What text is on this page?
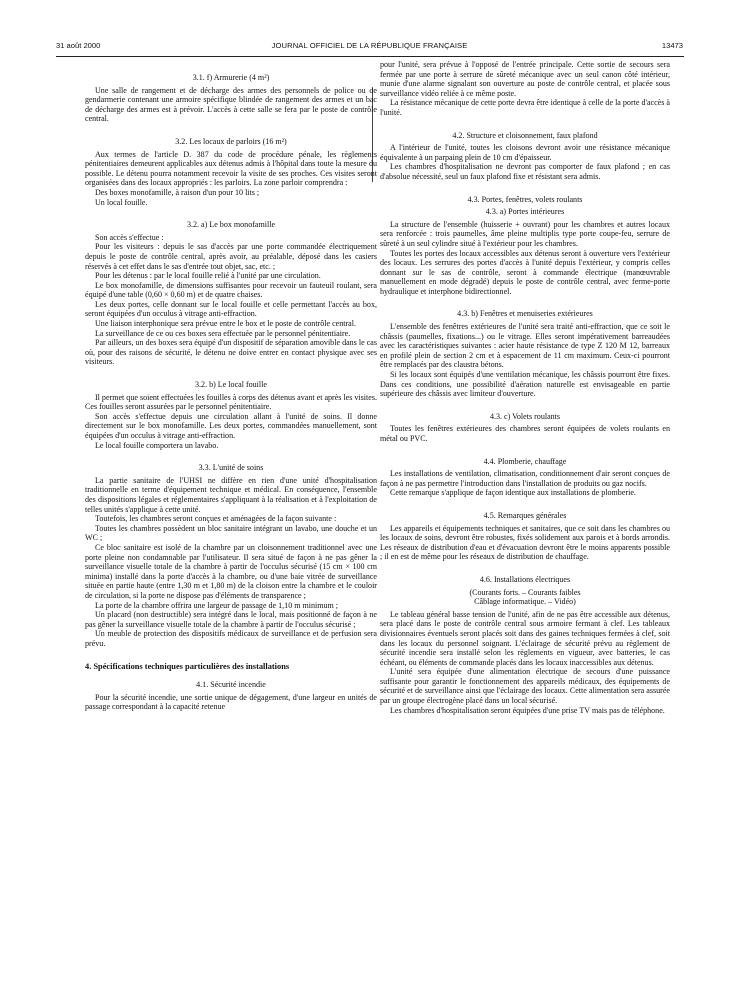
31 août 2000	JOURNAL OFFICIEL DE LA RÉPUBLIQUE FRANÇAISE	13473
3.1. f) Armurerie (4 m²)
Une salle de rangement et de décharge des armes des personnels de police ou de gendarmerie contenant une armoire spécifique blindée de rangement des armes et un bac de décharge des armes est à prévoir. L'accès à cette salle se fera par le poste de contrôle central.
3.2. Les locaux de parloirs (16 m²)
Aux termes de l'article D. 387 du code de procédure pénale, les règlements pénitentiaires demeurent applicables aux détenus admis à l'hôpital dans toute la mesure du possible. Le détenu pourra notamment recevoir la visite de ses proches. Ces visites seront organisées dans des locaux appropriés : les parloirs. La zone parloir comprendra :
Des boxes monofamille, à raison d'un pour 10 lits ;
Un local fouille.
3.2. a) Le box monofamille
Son accès s'effectue :
Pour les visiteurs : depuis le sas d'accès par une porte commandée électriquement depuis le poste de contrôle central, après avoir, au préalable, déposé dans les casiers réservés à cet effet dans le sas d'entrée tout objet, sac, etc. ;
Pour les détenus : par le local fouille relié à l'unité par une circulation.
Le box monofamille, de dimensions suffisantes pour recevoir un fauteuil roulant, sera équipé d'une table (0,60 × 0,60 m) et de quatre chaises.
Les deux portes, celle donnant sur le local fouille et celle permettant l'accès au box, seront équipées d'un occulus à vitrage anti-effraction.
Une liaison interphonique sera prévue entre le box et le poste de contrôle central.
La surveillance de ce ou ces boxes sera effectuée par le personnel pénitentiaire.
Par ailleurs, un des boxes sera équipé d'un dispositif de séparation amovible dans le cas où, pour des raisons de sécurité, le détenu ne doive entrer en contact physique avec ses visiteurs.
3.2. b) Le local fouille
Il permet que soient effectuées les fouilles à corps des détenus avant et après les visites. Ces fouilles seront assurées par le personnel pénitentiaire.
Son accès s'effectue depuis une circulation allant à l'unité de soins. Il donne directement sur le box monofamille. Les deux portes, commandées manuellement, sont équipées d'un occulus à vitrage anti-effraction.
Le local fouille comportera un lavabo.
3.3. L'unité de soins
La partie sanitaire de l'UHSI ne diffère en rien d'une unité d'hospitalisation traditionnelle en terme d'équipement technique et médical. En conséquence, l'ensemble des dispositions légales et réglementaires s'appliquant à la réalisation et à l'exploitation de telles unités s'applique à cette unité.
Toutefois, les chambres seront conçues et aménagées de la façon suivante :
Toutes les chambres possèdent un bloc sanitaire intégrant un lavabo, une douche et un WC ;
Ce bloc sanitaire est isolé de la chambre par un cloisonnement traditionnel avec une porte pleine non condamnable par l'utilisateur. Il sera situé de façon à ne pas gêner la surveillance visuelle totale de la chambre à partir de l'occulus sécurisé (15 cm × 100 cm minima) installé dans la porte d'accès à la chambre, ou d'une baie vitrée de surveillance située en partie haute (entre 1,30 m et 1,80 m) de la cloison entre la chambre et le couloir de circulation, si la porte ne dispose pas d'éléments de transparence ;
La porte de la chambre offrira une largeur de passage de 1,10 m minimum ;
Un placard (non destructible) sera intégré dans le local, mais positionné de façon à ne pas gêner la surveillance visuelle totale de la chambre à partir de l'occulus sécurisé ;
Un meuble de protection des dispositifs médicaux de surveillance et de perfusion sera prévu.
4. Spécifications techniques particulières des installations
4.1. Sécurité incendie
Pour la sécurité incendie, une sortie unique de dégagement, d'une largeur en unités de passage correspondant à la capacité retenue
pour l'unité, sera prévue à l'opposé de l'entrée principale. Cette sortie de secours sera fermée par une porte à serrure de sûreté mécanique avec un seul canon côté intérieur, munie d'une alarme signalant son ouverture au poste de contrôle central, et placée sous surveillance vidéo reliée à ce même poste.
La résistance mécanique de cette porte devra être identique à celle de la porte d'accès à l'unité.
4.2. Structure et cloisonnement, faux plafond
A l'intérieur de l'unité, toutes les cloisons devront avoir une résistance mécanique équivalente à un parpaing plein de 10 cm d'épaisseur.
Les chambres d'hospitalisation ne devront pas comporter de faux plafond ; en cas d'absolue nécessité, seul un faux plafond fixe et résistant sera admis.
4.3. Portes, fenêtres, volets roulants
4.3. a) Portes intérieures
La structure de l'ensemble (huisserie + ouvrant) pour les chambres et autres locaux sera renforcée : trois paumelles, âme pleine multiplis type porte coupe-feu, serrure de sûreté à un seul cylindre situé à l'extérieur pour les chambres.
Toutes les portes des locaux accessibles aux détenus seront à ouverture vers l'extérieur des locaux. Les serrures des portes d'accès à l'unité depuis l'extérieur, y compris celles donnant sur le sas de contrôle, seront à commande électrique (manœuvrable manuellement en mode dégradé) depuis le poste de contrôle central, avec ferme-porte hydraulique et interphone bidirectionnel.
4.3. b) Fenêtres et menuiseries extérieures
L'ensemble des fenêtres extérieures de l'unité sera traité anti-effraction, que ce soit le châssis (paumelles, fixations...) ou le vitrage. Elles seront impérativement barreaudées avec les caractéristiques suivantes : acier haute résistance de type Z 120 M 12, barreaux en profilé plein de section 2 cm et à espacement de 11 cm maximum. Ceux-ci pourront être remplacés par des claustra bétons.
Si les locaux sont équipés d'une ventilation mécanique, les châssis pourront être fixes. Dans ces conditions, une possibilité d'aération naturelle est envisageable en partie supérieure des châssis avec limiteur d'ouverture.
4.3. c) Volets roulants
Toutes les fenêtres extérieures des chambres seront équipées de volets roulants en métal ou PVC.
4.4. Plomberie, chauffage
Les installations de ventilation, climatisation, conditionnement d'air seront conçues de façon à ne pas permettre l'introduction dans l'installation de produits ou gaz nocifs.
Cette remarque s'applique de façon identique aux installations de plomberie.
4.5. Remarques générales
Les appareils et équipements techniques et sanitaires, que ce soit dans les chambres ou les locaux de soins, devront être robustes, fixés solidement aux parois et à bords arrondis. Les réseaux de distribution d'eau et d'évacuation devront être le moins apparents possible ; il en est de même pour les réseaux de distribution de chauffage.
4.6. Installations électriques
(Courants forts. – Courants faibles
Câblage informatique. – Vidéo)
Le tableau général basse tension de l'unité, afin de ne pas être accessible aux détenus, sera placé dans le poste de contrôle central sous armoire fermant à clef. Les tableaux divisionnaires éventuels seront placés soit dans des gaines techniques fermées à clef, soit dans les locaux du personnel soignant. L'éclairage de sécurité prévu au règlement de sécurité incendie sera installé selon les règlements en vigueur, avec batteries, le cas échéant, ou éléments de commande placés dans les locaux inaccessibles aux détenus.
L'unité sera équipée d'une alimentation électrique de secours d'une puissance suffisante pour garantir le fonctionnement des appareils médicaux, des équipements de sécurité et de surveillance ainsi que l'éclairage des locaux. Cette alimentation sera assurée par un groupe électrogène placé dans un local sécurisé.
Les chambres d'hospitalisation seront équipées d'une prise TV mais pas de téléphone.
